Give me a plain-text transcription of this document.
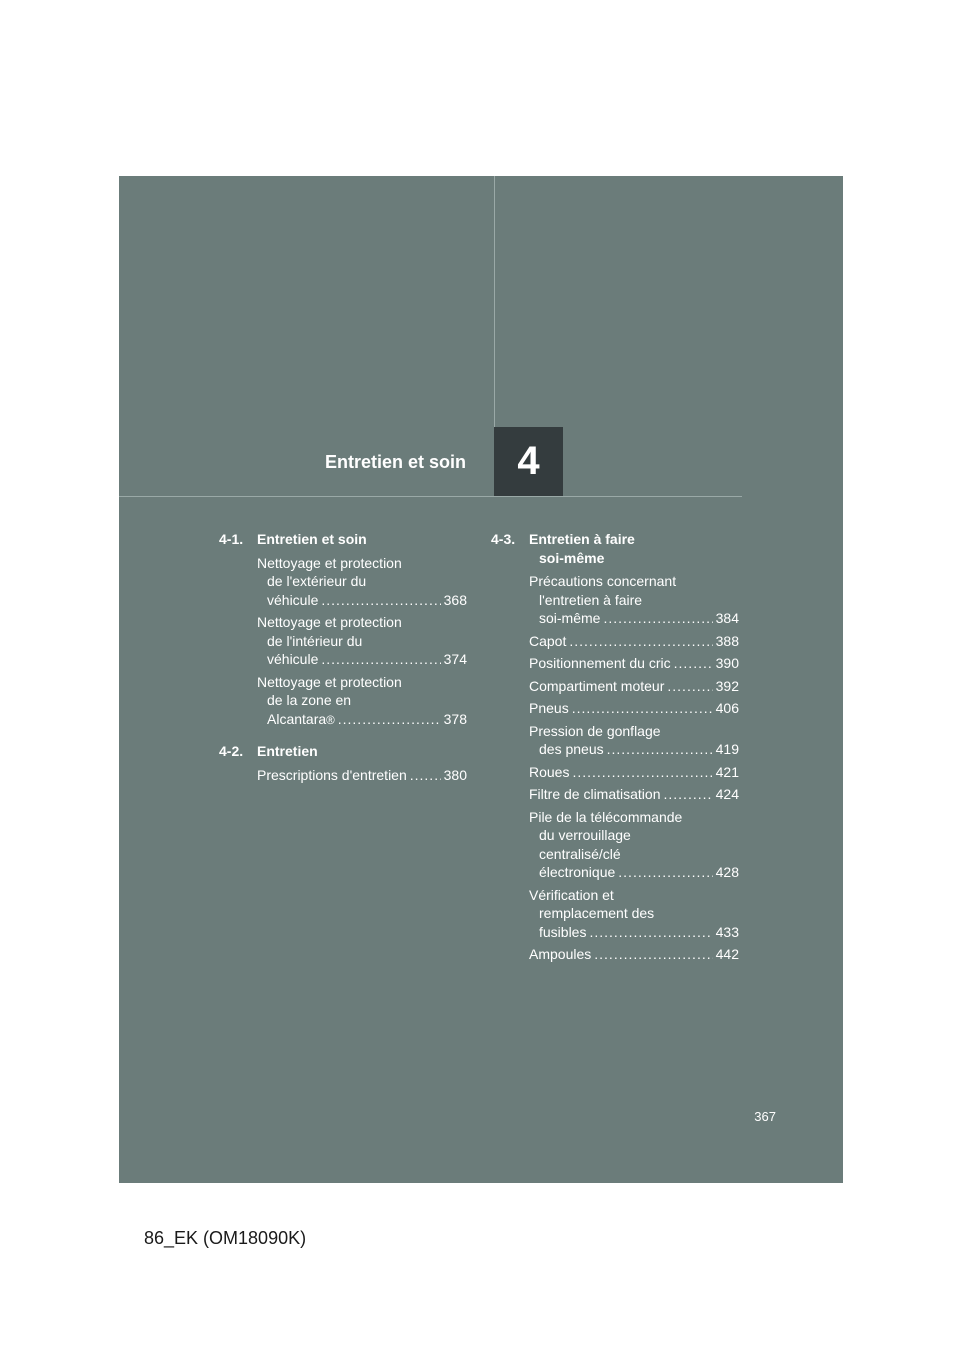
Entretien et soin 4
4-1. Entretien et soin
Nettoyage et protection
de l'extérieur du
véhicule .....	368
Nettoyage et protection
de l'intérieur du
véhicule .....	374
Nettoyage et protection
de la zone en
Alcantara ® .....	378
4-2. Entretien
Prescriptions d'entretien .....	380
4-3. Entretien à faire
soi-même
Précautions concernant
l'entretien à faire
soi-même .....	384
Capot .....	388
Positionnement du cric .....	390
Compartiment moteur .....	392
Pneus .....	406
Pression de gonflage
des pneus .....	419
Roues .....	421
Filtre de climatisation .....	424
Pile de la télécommande
du verrouillage
centralisé/clé
électronique .....	428
Vérification et
remplacement des
fusibles .....	433
Ampoules .....	442
367
86_EK (OM18090K)
